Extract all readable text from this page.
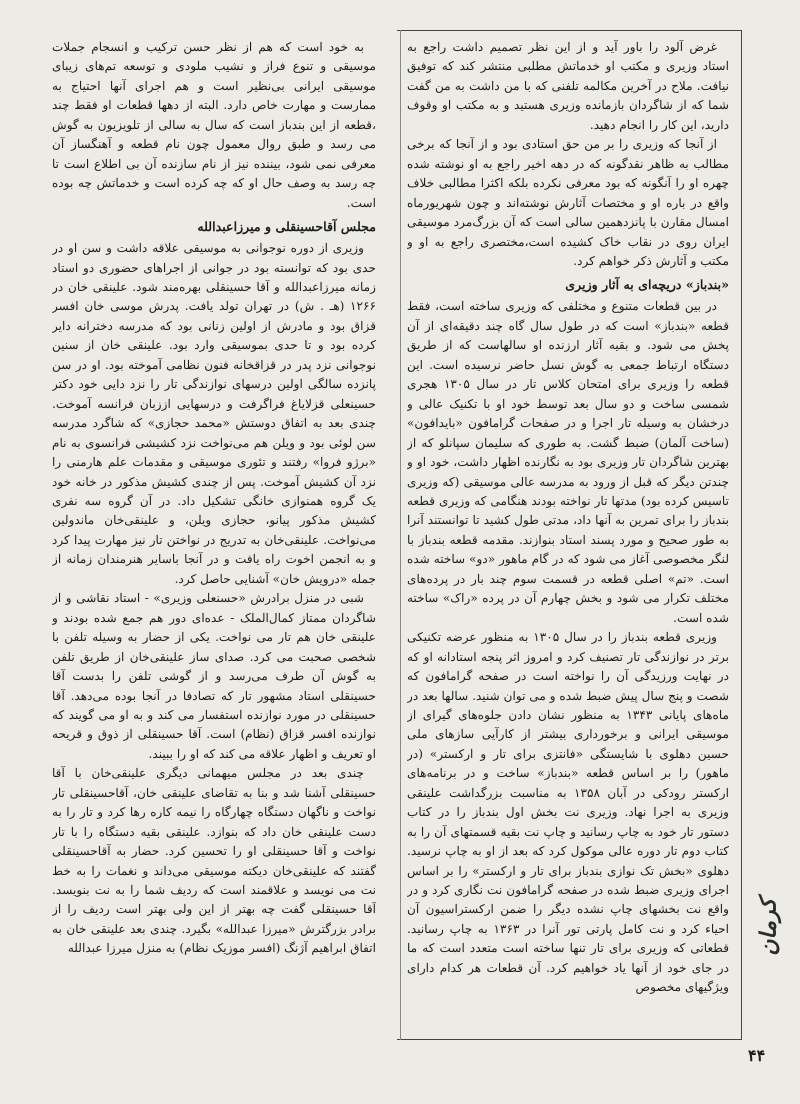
غرض آلود را باور آید و از این نظر تصمیم داشت راجع به استاد وزیری و مکتب او خدماتش مطلبی منتشر کند که توفیق نیافت. ملاح در آخرین مکالمه تلفنی که با من داشت به من گفت شما که از شاگردان بازمانده وزیری هستید و به مکتب او وقوف دارید، این کار را انجام دهید.

از آنجا که وزیری را بر من حق استادی بود و از آنجا که برخی مطالب به ظاهر نقدگونه که در دهه اخیر راجع به او نوشته شده چهره او را آنگونه که بود معرفی نکرده بلکه اکثرا مطالبی خلاف واقع در باره او و مختصات آثارش نوشته‌اند و چون شهریورماه امسال مقارن با پانزدهمین سالی است که آن بزرگ‌مرد موسیقی ایران روی در نقاب خاک کشیده است،مختصری راجع به او و مکتب و آثارش ذکر خواهم کرد.

«بندباز» دریچه‌ای به آثار وزیری

در بین قطعات متنوع و مختلفی که وزیری ساخته است، فقط قطعه «بندباز» است که در طول سال گاه چند دقیقه‌ای از آن پخش می شود. و بقیه آثار ارزنده او سالهاست که از طریق دستگاه ارتباط جمعی به گوش نسل حاضر نرسیده است. این قطعه را وزیری برای امتحان کلاس تار در سال ۱۳۰۵ هجری شمسی ساخت و دو سال بعد توسط خود او با تکنیک عالی و درخشان به وسیله تار اجرا و در صفحات گرامافون «بایدافون» (ساخت آلمان) ضبط گشت. به طوری که سلیمان سپانلو که از بهترین شاگردان تار وزیری بود به نگارنده اظهار داشت، خود او و چندتن دیگر که قبل از ورود به مدرسه عالی موسیقی (که وزیری تاسیس کرده بود) مدتها تار نواخته بودند هنگامی که وزیری قطعه بندباز را برای تمرین به آنها داد، مدتی طول کشید تا توانستند آنرا به طور صحیح و مورد پسند استاد بنوازند. مقدمه قطعه بندباز با لنگر مخصوصی آغاز می شود که در گام ماهور «دو» ساخته شده است. «تم» اصلی قطعه در قسمت سوم چند بار در پرده‌های مختلف تکرار می شود و بخش چهارم آن در پرده «راک» ساخته شده است.

وزیری قطعه بندباز را در سال ۱۳۰۵ به منظور عرضه تکنیکی برتر در نوازندگی تار تصنیف کرد و امروز اثر پنجه استادانه او که در نهایت ورزیدگی آن را نواخته است در صفحه گرامافون که شصت و پنج سال پیش ضبط شده و می توان شنید. سالها بعد در ماه‌های پایانی ۱۳۴۳ به منظور نشان دادن جلوه‌های گیرای از موسیقی ایرانی و برخورداری بیشتر از کارآیی سازهای ملی حسین دهلوی با شایستگی «فانتزی برای تار و ارکستر» (در ماهور) را بر اساس قطعه «بندباز» ساخت و در برنامه‌های ارکستر رودکی در آبان ۱۳۵۸ به مناسبت بزرگداشت علینقی وزیری به اجرا نهاد. وزیری نت بخش اول بندباز را در کتاب دستور تار خود به چاپ رسانید و چاپ نت بقیه قسمتهای آن را به کتاب دوم تار دوره عالی موکول کرد که بعد از او به چاپ نرسید. دهلوی «بخش تک نوازی بندباز برای تار و ارکستر» را بر اساس اجرای وزیری ضبط شده در صفحه گرامافون نت نگاری کرد و در واقع نت بخشهای چاپ نشده دیگر را ضمن ارکستراسیون آن احیاء کرد و نت کامل پارتی تور آنرا در ۱۳۶۳ به چاپ رسانید. قطعاتی که وزیری برای تار تنها ساخته است متعدد است که ما در جای خود از آنها یاد خواهیم کرد. آن قطعات هر کدام دارای ویژگیهای مخصوص

به خود است که هم از نظر حسن ترکیب و انسجام جملات موسیقی و تنوع فراز و نشیب ملودی و توسعه تم‌های زیبای موسیقی ایرانی بی‌نظیر است و هم اجرای آنها احتیاج به ممارست و مهارت خاص دارد. البته از دهها قطعات او فقط چند ،قطعه از این بندباز است که سال به سالی از تلویزیون به گوش می رسد و طبق روال معمول چون نام قطعه و آهنگساز آن معرفی نمی شود، بیننده نیز از نام سازنده آن بی اطلاع است تا چه رسد به وصف حال او که چه کرده است و خدماتش چه بوده است.

مجلس آقاحسینقلی و میرزاعبدالله

وزیری از دوره نوجوانی به موسیقی علاقه داشت و سن او در حدی بود که توانسته بود در جوانی از اجراهای حضوری دو استاد زمانه میرزاعبدالله و آقا حسینقلی بهره‌مند شود. علینقی خان در ۱۲۶۶ (هـ . ش) در تهران تولد یافت. پدرش موسی خان افسر قزاق بود و مادرش از اولین زنانی بود که مدرسه دخترانه دایر کرده بود و تا حدی بموسیقی وارد بود. علینقی خان از سنین نوجوانی نزد پدر در قزاقخانه فنون نظامی آموخته بود. او در سن پانزده سالگی اولین درسهای نوازندگی تار را نزد دایی خود دکتر حسینعلی قزلایاغ فراگرفت و درسهایی ازز‌بان فرانسه آموخت. چندی بعد به اتفاق دوستش «محمد حجازی» که شاگرد مدرسه سن لوئی بود و ویلن هم می‌نواخت نزد کشیشی فرانسوی به نام «برژو فروا» رفتند و تئوری موسیقی و مقدمات علم هارمنی را نزد آن کشیش آموخت. پس از چندی کشیش مذکور در خانه خود یک گروه همنوازی خانگی تشکیل داد. در آن گروه سه نفری کشیش مذکور پیانو، حجازی ویلن، و علینقی‌خان ماندولین می‌نواخت. علینقی‌خان به تدریج در نواختن تار نیز مهارت پیدا کرد و به انجمن اخوت راه یافت و در آنجا باسایر هنرمندان زمانه از جمله «درویش خان» آشنایی حاصل کرد.

شبی در منزل برادرش «حسنعلی وزیری» - استاد نقاشی و از شاگردان ممتاز کمال‌الملک - عده‌ای دور هم جمع شده بودند و علینقی خان هم تار می نواخت. یکی از حضار به وسیله تلفن با شخصی صحبت می کرد. صدای ساز علینقی‌خان از طریق تلفن به گوش آن طرف می‌رسد و از گوشی تلفن را بدست آقا حسینقلی استاد مشهور تار که تصادفا در آنجا بوده می‌دهد. آقا حسینقلی در مورد نوازنده استفسار می کند و به او می گویند که نوازنده افسر قزاق (نظام) است. آقا حسینقلی از ذوق و قریحه او تعریف و اظهار علاقه می کند که او را ببیند.

چندی بعد در مجلس میهمانی دیگری علینقی‌خان با آقا حسینقلی آشنا شد و بنا به تقاضای علینقی خان، آقاحسینقلی تار نواخت و ناگهان دستگاه چهارگاه را نیمه کاره رها کرد و تار را به دست علینقی خان داد که بنوازد. علینقی بقیه دستگاه را با تار نواخت و آقا حسینقلی او را تحسین کرد. حضار به آقاحسینقلی گفتند که علینقی‌خان دیکته موسیقی می‌داند و نغمات را به خط نت می نویسد و علاقمند است که ردیف شما را به نت بنویسد. آقا حسینقلی گفت چه بهتر از این ولی بهتر است ردیف را از برادر بزرگترش «میرزا عبدالله» بگیرد. چندی بعد علینقی خان به اتفاق ابراهیم آژنگ (افسر موزیک نظام) به منزل میرزا عبدالله	کرمان
۴۴
